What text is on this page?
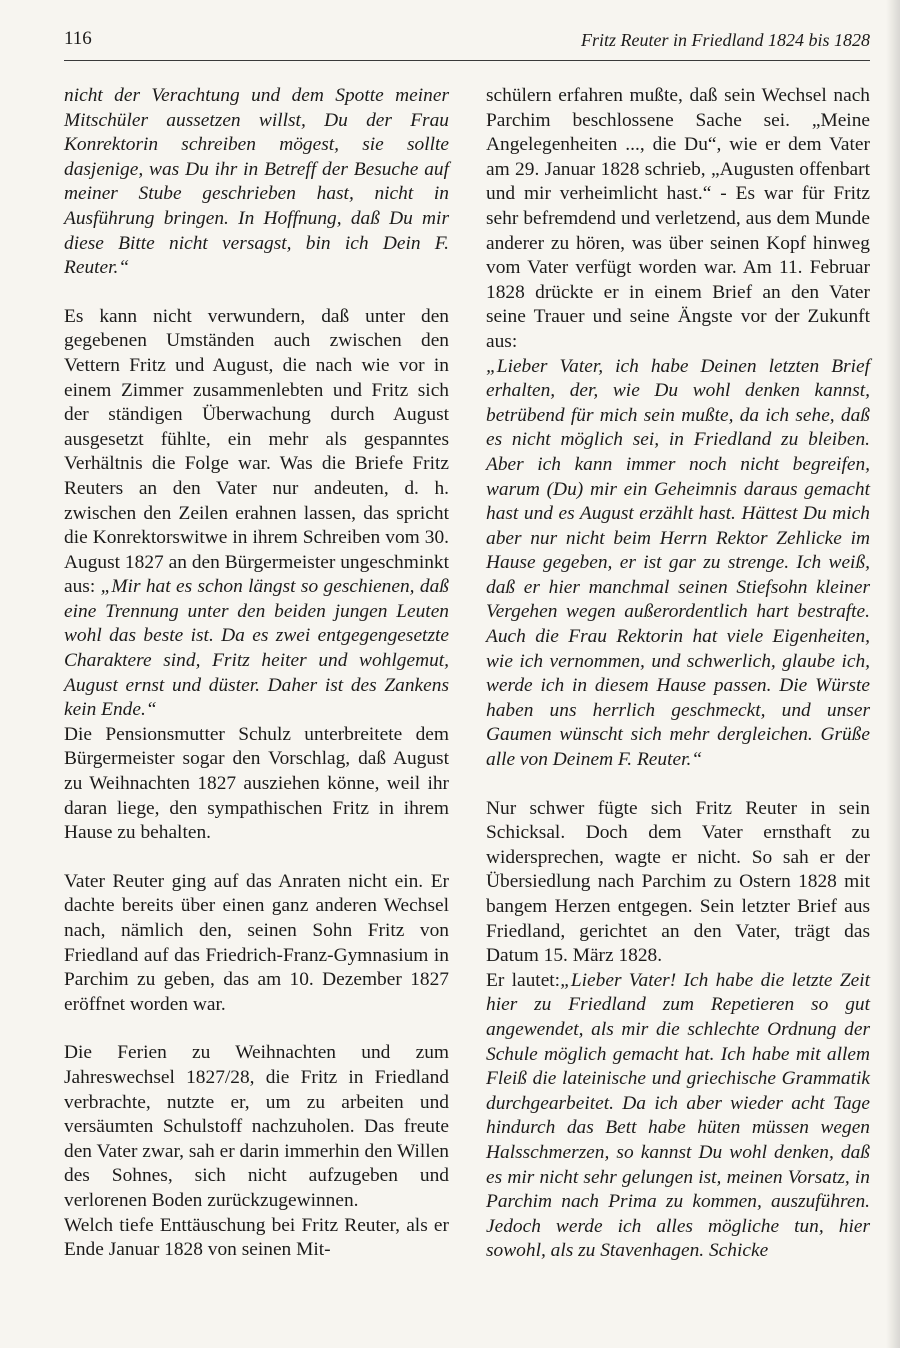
116	Fritz Reuter in Friedland 1824 bis 1828

nicht der Verachtung und dem Spotte meiner Mitschüler aussetzen willst, Du der Frau Konrektorin schreiben mögest, sie sollte dasjenige, was Du ihr in Betreff der Besuche auf meiner Stube geschrieben hast, nicht in Ausführung bringen. In Hoffnung, daß Du mir diese Bitte nicht versagst, bin ich Dein F. Reuter.“

Es kann nicht verwundern, daß unter den gegebenen Umständen auch zwischen den Vettern Fritz und August, die nach wie vor in einem Zimmer zusammenlebten und Fritz sich der ständigen Überwachung durch August ausgesetzt fühlte, ein mehr als gespanntes Verhältnis die Folge war. Was die Briefe Fritz Reuters an den Vater nur andeuten, d. h. zwischen den Zeilen erahnen lassen, das spricht die Konrektorswitwe in ihrem Schreiben vom 30. August 1827 an den Bürgermeister ungeschminkt aus: „Mir hat es schon längst so geschienen, daß eine Trennung unter den beiden jungen Leuten wohl das beste ist. Da es zwei entgegengesetzte Charaktere sind, Fritz heiter und wohlgemut, August ernst und düster. Daher ist des Zankens kein Ende.“

Die Pensionsmutter Schulz unterbreitete dem Bürgermeister sogar den Vorschlag, daß August zu Weihnachten 1827 ausziehen könne, weil ihr daran liege, den sympathischen Fritz in ihrem Hause zu behalten.

Vater Reuter ging auf das Anraten nicht ein. Er dachte bereits über einen ganz anderen Wechsel nach, nämlich den, seinen Sohn Fritz von Friedland auf das Friedrich-Franz-Gymnasium in Parchim zu geben, das am 10. Dezember 1827 eröffnet worden war.

Die Ferien zu Weihnachten und zum Jahreswechsel 1827/28, die Fritz in Friedland verbrachte, nutzte er, um zu arbeiten und versäumten Schulstoff nachzuholen. Das freute den Vater zwar, sah er darin immerhin den Willen des Sohnes, sich nicht aufzugeben und verlorenen Boden zurückzugewinnen.

Welch tiefe Enttäuschung bei Fritz Reuter, als er Ende Januar 1828 von seinen Mit-

schülern erfahren mußte, daß sein Wechsel nach Parchim beschlossene Sache sei. „Meine Angelegenheiten ..., die Du“, wie er dem Vater am 29. Januar 1828 schrieb, „Augusten offenbart und mir verheimlicht hast.“ - Es war für Fritz sehr befremdend und verletzend, aus dem Munde anderer zu hören, was über seinen Kopf hinweg vom Vater verfügt worden war. Am 11. Februar 1828 drückte er in einem Brief an den Vater seine Trauer und seine Ängste vor der Zukunft aus:

„Lieber Vater, ich habe Deinen letzten Brief erhalten, der, wie Du wohl denken kannst, betrübend für mich sein mußte, da ich sehe, daß es nicht möglich sei, in Friedland zu bleiben. Aber ich kann immer noch nicht begreifen, warum (Du) mir ein Geheimnis daraus gemacht hast und es August erzählt hast. Hättest Du mich aber nur nicht beim Herrn Rektor Zehlicke im Hause gegeben, er ist gar zu strenge. Ich weiß, daß er hier manchmal seinen Stiefsohn kleiner Vergehen wegen außerordentlich hart bestrafte. Auch die Frau Rektorin hat viele Eigenheiten, wie ich vernommen, und schwerlich, glaube ich, werde ich in diesem Hause passen. Die Würste haben uns herrlich geschmeckt, und unser Gaumen wünscht sich mehr dergleichen. Grüße alle von Deinem F. Reuter.“

Nur schwer fügte sich Fritz Reuter in sein Schicksal. Doch dem Vater ernsthaft zu widersprechen, wagte er nicht. So sah er der Übersiedlung nach Parchim zu Ostern 1828 mit bangem Herzen entgegen. Sein letzter Brief aus Friedland, gerichtet an den Vater, trägt das Datum 15. März 1828.

Er lautet:„Lieber Vater! Ich habe die letzte Zeit hier zu Friedland zum Repetieren so gut angewendet, als mir die schlechte Ordnung der Schule möglich gemacht hat. Ich habe mit allem Fleiß die lateinische und griechische Grammatik durchgearbeitet. Da ich aber wieder acht Tage hindurch das Bett habe hüten müssen wegen Halsschmerzen, so kannst Du wohl denken, daß es mir nicht sehr gelungen ist, meinen Vorsatz, in Parchim nach Prima zu kommen, auszuführen. Jedoch werde ich alles mögliche tun, hier sowohl, als zu Stavenhagen. Schicke
